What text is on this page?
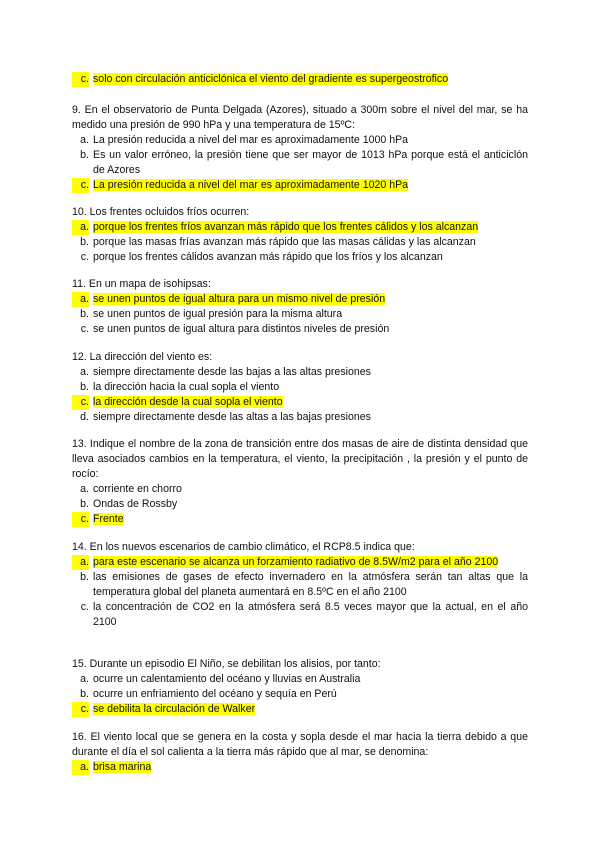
c. solo con circulación anticiclónica el viento del gradiente es supergeostrofico
9. En el observatorio de Punta Delgada (Azores), situado a 300m sobre el nivel del mar, se ha medido una presión de 990 hPa y una temperatura de 15ºC:
a. La presión reducida a nivel del mar es aproximadamente 1000 hPa
b. Es un valor erróneo, la presión tiene que ser mayor de 1013 hPa porque está el anticiclón de Azores
c. La presión reducida a nivel del mar es aproximadamente 1020 hPa
10. Los frentes ocluidos fríos ocurren:
a. porque los frentes fríos avanzan más rápido que los frentes cálidos y los alcanzan
b. porque las masas frías avanzan más rápido que las masas cálidas y las alcanzan
c. porque los frentes cálidos avanzan más rápido que los fríos y los alcanzan
11. En un mapa de isohipsas:
a. se unen puntos de igual altura para un mismo nivel de presión
b. se unen puntos de igual presión para la misma altura
c. se unen puntos de igual altura para distintos niveles de presión
12. La dirección del viento es:
a. siempre directamente desde las bajas a las altas presiones
b. la dirección hacia la cual sopla el viento
c. la dirección desde la cual sopla el viento
d. siempre directamente desde las altas a las bajas presiones
13. Indique el nombre de la zona de transición entre dos masas de aire de distinta densidad que lleva asociados cambios en la temperatura, el viento, la precipitación , la presión y el punto de rocío:
a. corriente en chorro
b. Ondas de Rossby
c. Frente
14. En los nuevos escenarios de cambio climático, el RCP8.5 indica que:
a. para este escenario se alcanza un forzamiento radiativo de 8.5W/m2 para el año 2100
b. las emisiones de gases de efecto invernadero en la atmósfera serán tan altas que la temperatura global del planeta aumentará en 8.5ºC en el año 2100
c. la concentración de CO2 en la atmósfera será 8.5 veces mayor que la actual, en el año 2100
15. Durante un episodio El Niño, se debilitan los alisios, por tanto:
a. ocurre un calentamiento del océano y lluvias en Australia
b. ocurre un enfriamiento del océano y sequía en Perú
c. se debilita la circulación de Walker
16. El viento local que se genera en la costa y sopla desde el mar hacia la tierra debido a que durante el día el sol calienta a la tierra más rápido que al mar, se denomina:
a. brisa marina
